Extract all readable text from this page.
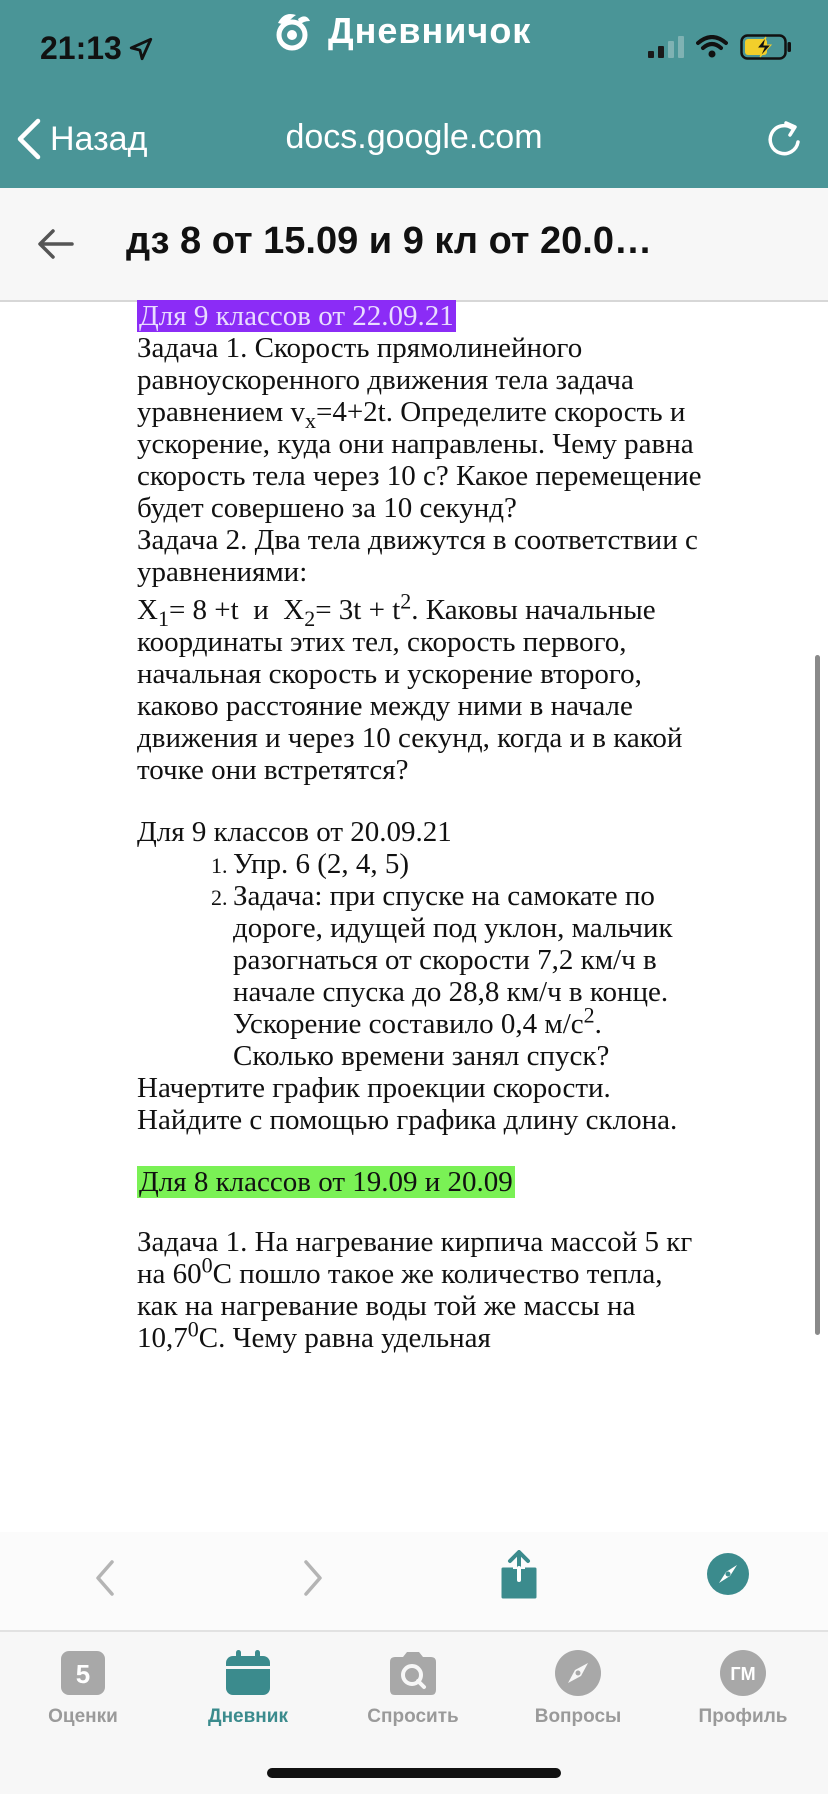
21:13	Дневничок
Назад	docs.google.com
дз 8 от 15.09 и 9 кл от 20.0…

Для 9 классов от 22.09.21

Задача 1. Скорость прямолинейного равноускоренного движения тела задача уравнением $v_x=4+2t$. Определите скорость и ускорение, куда они направлены. Чему равна скорость тела через 10 с? Какое перемещение будет совершено за 10 секунд?

Задача 2. Два тела движутся в соответствии с уравнениями:

$X_1= 8 +t$  и  $X_2= 3t + t^2$. Каковы начальные координаты этих тел, скорость первого, начальная скорость и ускорение второго, каково расстояние между ними в начале движения и через 10 секунд, когда и в какой точке они встретятся?

Для 9 классов от 20.09.21

1. Упр. 6 (2, 4, 5)
2. Задача: при спуске на самокате по дороге, идущей под уклон, мальчик разогнаться от скорости 7,2 км/ч в начале спуска до 28,8 км/ч в конце. Ускорение составило 0,4 $м/с^2$. Сколько времени занял спуск?

Начертите график проекции скорости. Найдите с помощью графика длину склона.

Для 8 классов от 19.09 и 20.09

Задача 1. На нагревание кирпича массой 5 кг на $60^0С$ пошло такое же количество тепла, как на нагревание воды той же массы на 10,7$^0$С. Чему равна удельная

5
Оценки	Дневник	Спросить	Вопросы
ГМ
Профиль
